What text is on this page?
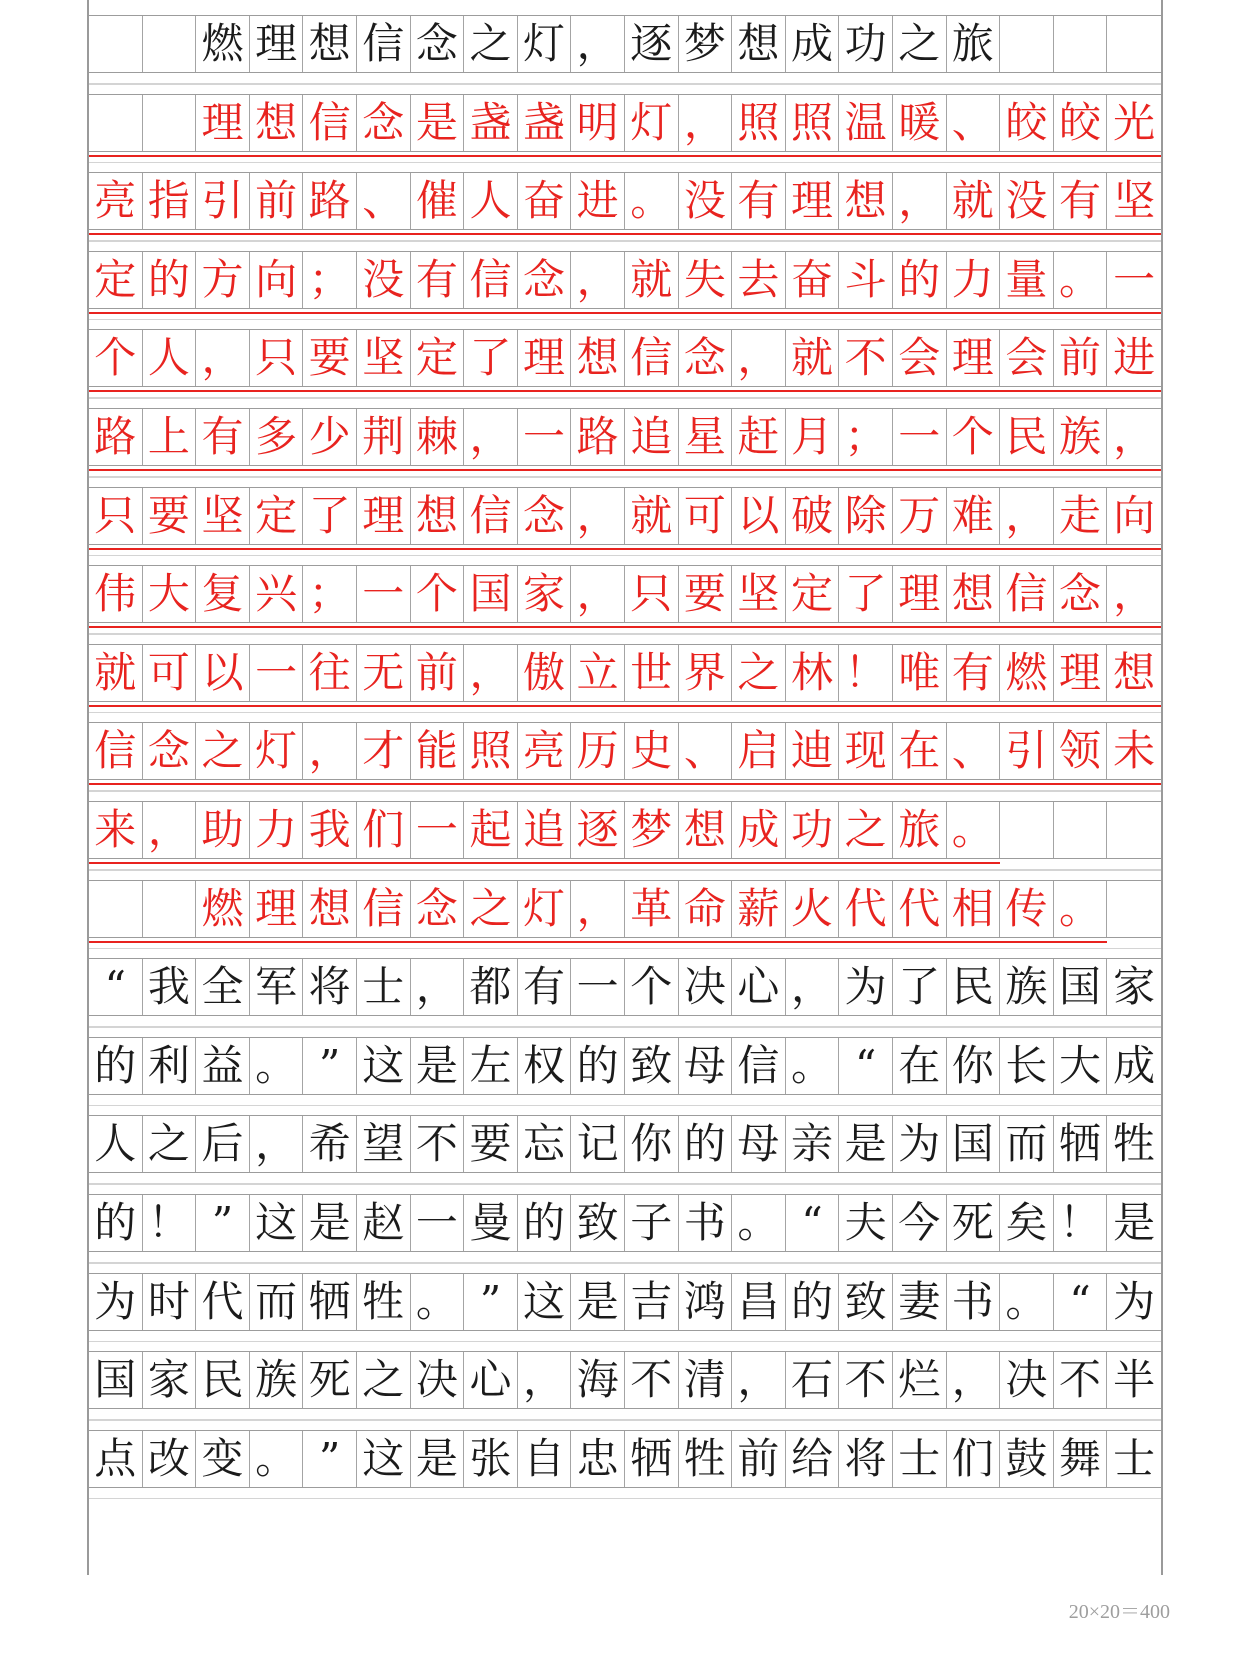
燃 理 想 信 念 之 灯 ， 逐 梦 想 成 功 之 旅
理 想 信 念 是 盏 盏 明 灯 ， 照 照 温 暖 、 皎 皎 光
亮 指 引 前 路 、 催 人 奋 进 。 没 有 理 想 ， 就 没 有 坚
定 的 方 向 ； 没 有 信 念 ， 就 失 去 奋 斗 的 力 量 。 一
个 人 ， 只 要 坚 定 了 理 想 信 念 ， 就 不 会 理 会 前 进
路 上 有 多 少 荆 棘 ， 一 路 追 星 赶 月 ； 一 个 民 族 ，
只 要 坚 定 了 理 想 信 念 ， 就 可 以 破 除 万 难 ， 走 向
伟 大 复 兴 ； 一 个 国 家 ， 只 要 坚 定 了 理 想 信 念 ，
就 可 以 一 往 无 前 ， 傲 立 世 界 之 林 ！ 唯 有 燃 理 想
信 念 之 灯 ， 才 能 照 亮 历 史 、 启 迪 现 在 、 引 领 未
来 ， 助 力 我 们 一 起 追 逐 梦 想 成 功 之 旅 。
燃 理 想 信 念 之 灯 ， 革 命 薪 火 代 代 相 传 。
“ 我 全 军 将 士 ， 都 有 一 个 决 心 ， 为 了 民 族 国 家
的 利 益 。 ” 这 是 左 权 的 致 母 信 。 “ 在 你 长 大 成
人 之 后 ， 希 望 不 要 忘 记 你 的 母 亲 是 为 国 而 牺 牲
的 ！ ” 这 是 赵 一 曼 的 致 子 书 。 “ 夫 今 死 矣 ！ 是
为 时 代 而 牺 牲 。 ” 这 是 吉 鸿 昌 的 致 妻 书 。 “ 为
国 家 民 族 死 之 决 心 ， 海 不 清 ， 石 不 烂 ， 决 不 半
点 改 变 。 ” 这 是 张 自 忠 牺 牲 前 给 将 士 们 鼓 舞 士
20×20＝400
